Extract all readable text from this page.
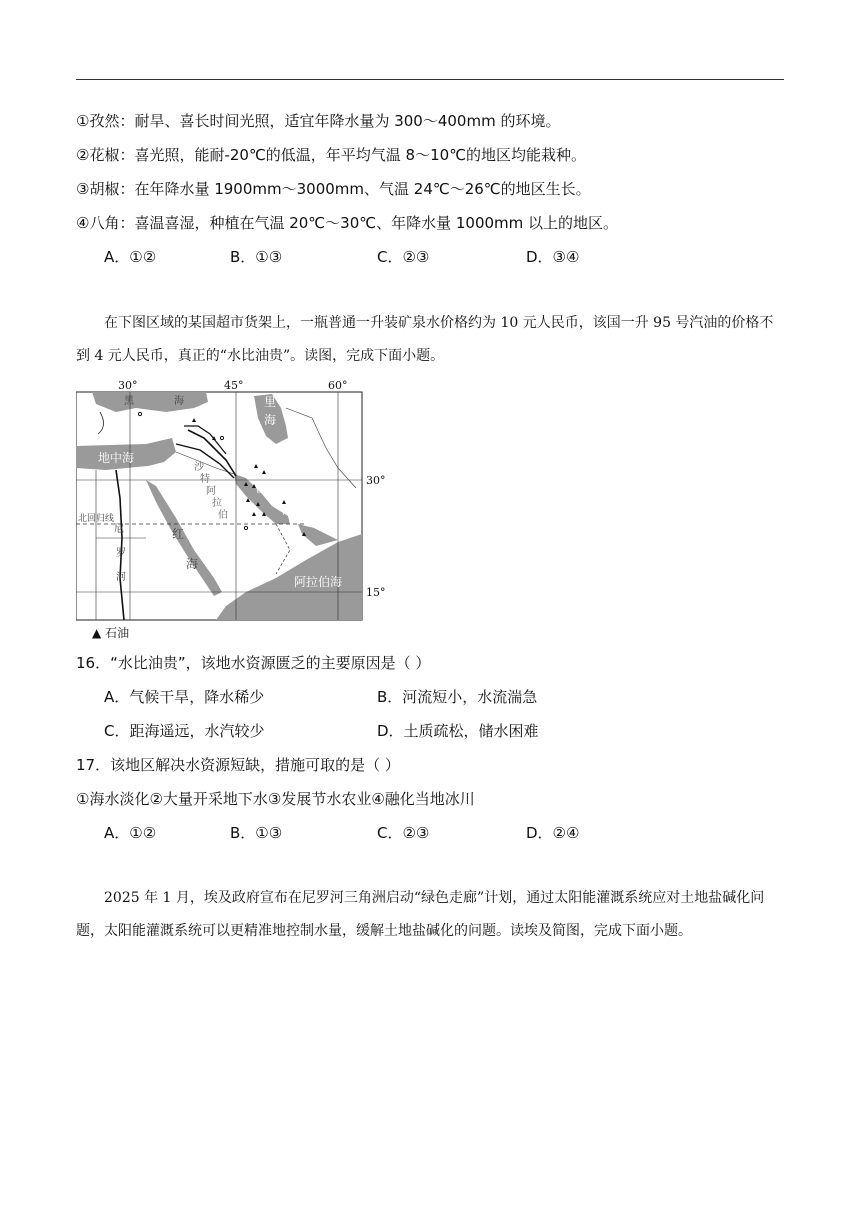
①孜然：耐旱、喜长时间光照，适宜年降水量为 300～400mm 的环境。
②花椒：喜光照，能耐-20℃的低温，年平均气温 8～10℃的地区均能栽种。
③胡椒：在年降水量 1900mm～3000mm、气温 24℃～26℃的地区生长。
④八角：喜温喜湿，种植在气温 20℃～30℃、年降水量 1000mm 以上的地区。
A．①②	B．①③	C．②③	D．③④
在下图区域的某国超市货架上，一瓶普通一升装矿泉水价格约为 10 元人民币，该国一升 95 号汽油的价格不到 4 元人民币，真正的“水比油贵”。读图，完成下面小题。
30°	45°	60°
30°
15°
黑	海	里
海
地中海
沙
特
阿
拉
伯
波
斯
湾
红
海
阿拉伯海
北回归线
尼
罗
河
▲ 石油
16．“水比油贵”，该地水资源匮乏的主要原因是（ ）
A．气候干旱，降水稀少	B．河流短小，水流湍急
C．距海遥远，水汽较少	D．土质疏松，储水困难
17．该地区解决水资源短缺，措施可取的是（ ）
①海水淡化②大量开采地下水③发展节水农业④融化当地冰川
A．①②	B．①③	C．②③	D．②④
2025 年 1 月，埃及政府宣布在尼罗河三角洲启动“绿色走廊”计划，通过太阳能灌溉系统应对土地盐碱化问题，太阳能灌溉系统可以更精准地控制水量，缓解土地盐碱化的问题。读埃及简图，完成下面小题。
